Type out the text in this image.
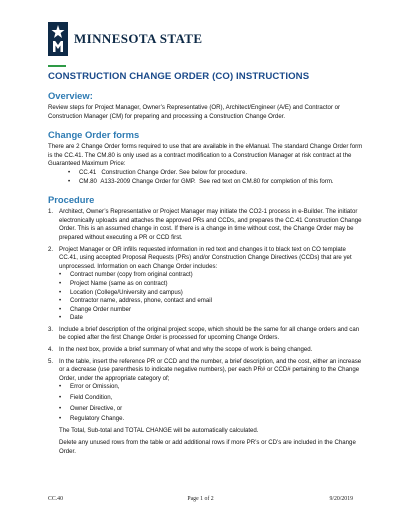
MINNESOTA STATE
CONSTRUCTION CHANGE ORDER (CO) INSTRUCTIONS
Overview:

Review steps for Project Manager, Owner’s Representative (OR), Architect/Engineer (A/E) and Contractor or Construction Manager (CM) for preparing and processing a Construction Change Order.

Change Order forms

There are 2 Change Order forms required to use that are available in the eManual. The standard Change Order form is the CC.41. The CM.80 is only used as a contract modification to a Construction Manager at risk contract at the Guaranteed Maximum Price:

• CC.41 Construction Change Order. See below for procedure.
• CM.80 A133-2009 Change Order for GMP. See red text on CM.80 for completion of this form.
Procedure
1. Architect, Owner’s Representative or Project Manager may initiate the CO2-1 process in e-Builder. The initiator electronically uploads and attaches the approved PRs and CCDs, and prepares the CC.41 Construction Change Order. This is an assumed change in cost. If there is a change in time without cost, the Change Order may be prepared without executing a PR or CCD first.
2. Project Manager or OR infills requested information in red text and changes it to black text on CO template CC.41, using accepted Proposal Requests (PRs) and/or Construction Change Directives (CCDs) that are yet unprocessed. Information on each Change Order includes:
• Contract number (copy from original contract)
• Project Name (same as on contract)
• Location (College/University and campus)
• Contractor name, address, phone, contact and email
• Change Order number
• Date
3. Include a brief description of the original project scope, which should be the same for all change orders and can be copied after the first Change Order is processed for upcoming Change Orders.
4. In the next box, provide a brief summary of what and why the scope of work is being changed.
5. In the table, insert the reference PR or CCD and the number, a brief description, and the cost, either an increase or a decrease (use parenthesis to indicate negative numbers), per each PR# or CCD# pertaining to the Change Order, under the appropriate category of;
• Error or Omission,
• Field Condition,
• Owner Directive, or
• Regulatory Change.

The Total, Sub-total and TOTAL CHANGE will be automatically calculated.

Delete any unused rows from the table or add additional rows if more PR’s or CD’s are included in the Change Order.

CC.40	Page 1 of 2	9/20/2019
